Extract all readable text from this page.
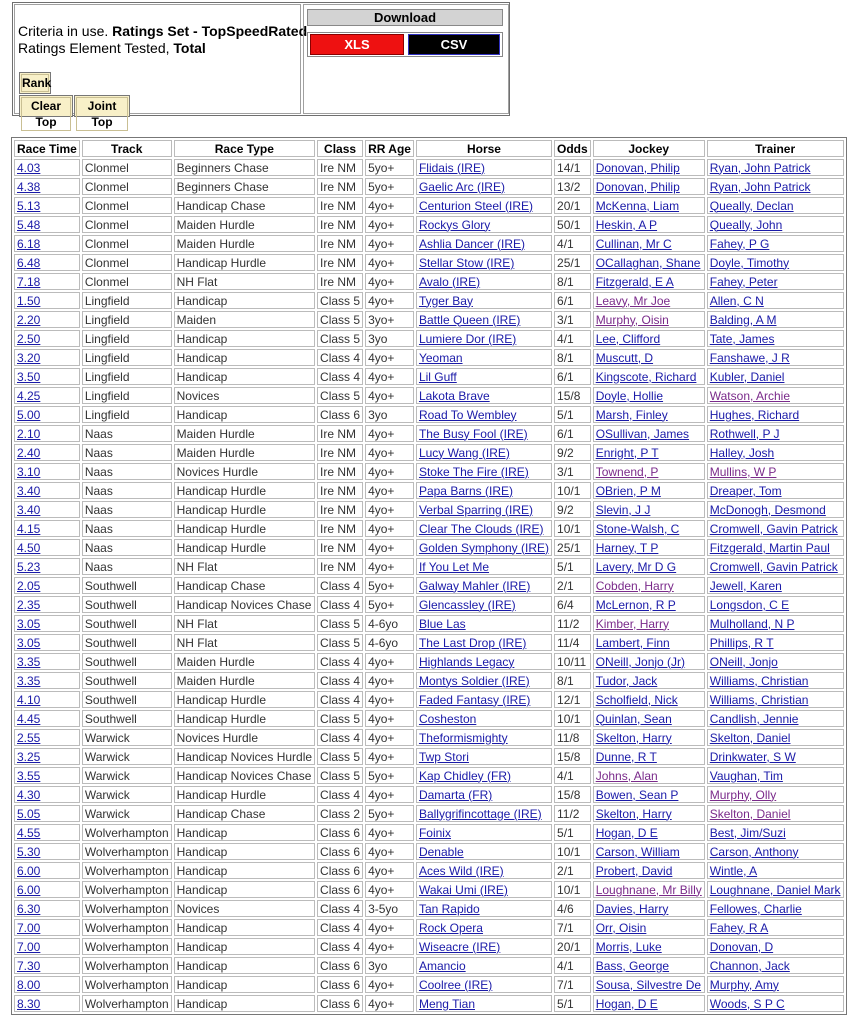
Criteria in use. Ratings Set - TopSpeedRated
Ratings Element Tested, Total
Rank
Clear Top
Joint Top
Download
XLS	CSV
Race Time	Track	Race Type	Class	RR Age	Horse	Odds	Jockey	Trainer
4.03	Clonmel	Beginners Chase	Ire NM	5yo+	Flidais (IRE)	14/1	Donovan, Philip	Ryan, John Patrick
4.38	Clonmel	Beginners Chase	Ire NM	5yo+	Gaelic Arc (IRE)	13/2	Donovan, Philip	Ryan, John Patrick
5.13	Clonmel	Handicap Chase	Ire NM	4yo+	Centurion Steel (IRE)	20/1	McKenna, Liam	Queally, Declan
5.48	Clonmel	Maiden Hurdle	Ire NM	4yo+	Rockys Glory	50/1	Heskin, A P	Queally, John
6.18	Clonmel	Maiden Hurdle	Ire NM	4yo+	Ashlia Dancer (IRE)	4/1	Cullinan, Mr C	Fahey, P G
6.48	Clonmel	Handicap Hurdle	Ire NM	4yo+	Stellar Stow (IRE)	25/1	OCallaghan, Shane	Doyle, Timothy
7.18	Clonmel	NH Flat	Ire NM	4yo+	Avalo (IRE)	8/1	Fitzgerald, E A	Fahey, Peter
1.50	Lingfield	Handicap	Class 5	4yo+	Tyger Bay	6/1	Leavy, Mr Joe	Allen, C N
2.20	Lingfield	Maiden	Class 5	3yo+	Battle Queen (IRE)	3/1	Murphy, Oisin	Balding, A M
2.50	Lingfield	Handicap	Class 5	3yo	Lumiere Dor (IRE)	4/1	Lee, Clifford	Tate, James
3.20	Lingfield	Handicap	Class 4	4yo+	Yeoman	8/1	Muscutt, D	Fanshawe, J R
3.50	Lingfield	Handicap	Class 4	4yo+	Lil Guff	6/1	Kingscote, Richard	Kubler, Daniel
4.25	Lingfield	Novices	Class 5	4yo+	Lakota Brave	15/8	Doyle, Hollie	Watson, Archie
5.00	Lingfield	Handicap	Class 6	3yo	Road To Wembley	5/1	Marsh, Finley	Hughes, Richard
2.10	Naas	Maiden Hurdle	Ire NM	4yo+	The Busy Fool (IRE)	6/1	OSullivan, James	Rothwell, P J
2.40	Naas	Maiden Hurdle	Ire NM	4yo+	Lucy Wang (IRE)	9/2	Enright, P T	Halley, Josh
3.10	Naas	Novices Hurdle	Ire NM	4yo+	Stoke The Fire (IRE)	3/1	Townend, P	Mullins, W P
3.40	Naas	Handicap Hurdle	Ire NM	4yo+	Papa Barns (IRE)	10/1	OBrien, P M	Dreaper, Tom
3.40	Naas	Handicap Hurdle	Ire NM	4yo+	Verbal Sparring (IRE)	9/2	Slevin, J J	McDonogh, Desmond
4.15	Naas	Handicap Hurdle	Ire NM	4yo+	Clear The Clouds (IRE)	10/1	Stone-Walsh, C	Cromwell, Gavin Patrick
4.50	Naas	Handicap Hurdle	Ire NM	4yo+	Golden Symphony (IRE)	25/1	Harney, T P	Fitzgerald, Martin Paul
5.23	Naas	NH Flat	Ire NM	4yo+	If You Let Me	5/1	Lavery, Mr D G	Cromwell, Gavin Patrick
2.05	Southwell	Handicap Chase	Class 4	5yo+	Galway Mahler (IRE)	2/1	Cobden, Harry	Jewell, Karen
2.35	Southwell	Handicap Novices Chase	Class 4	5yo+	Glencassley (IRE)	6/4	McLernon, R P	Longsdon, C E
3.05	Southwell	NH Flat	Class 5	4-6yo	Blue Las	11/2	Kimber, Harry	Mulholland, N P
3.05	Southwell	NH Flat	Class 5	4-6yo	The Last Drop (IRE)	11/4	Lambert, Finn	Phillips, R T
3.35	Southwell	Maiden Hurdle	Class 4	4yo+	Highlands Legacy	10/11	ONeill, Jonjo (Jr)	ONeill, Jonjo
3.35	Southwell	Maiden Hurdle	Class 4	4yo+	Montys Soldier (IRE)	8/1	Tudor, Jack	Williams, Christian
4.10	Southwell	Handicap Hurdle	Class 4	4yo+	Faded Fantasy (IRE)	12/1	Scholfield, Nick	Williams, Christian
4.45	Southwell	Handicap Hurdle	Class 5	4yo+	Cosheston	10/1	Quinlan, Sean	Candlish, Jennie
2.55	Warwick	Novices Hurdle	Class 4	4yo+	Theformismighty	11/8	Skelton, Harry	Skelton, Daniel
3.25	Warwick	Handicap Novices Hurdle	Class 5	4yo+	Twp Stori	15/8	Dunne, R T	Drinkwater, S W
3.55	Warwick	Handicap Novices Chase	Class 5	5yo+	Kap Chidley (FR)	4/1	Johns, Alan	Vaughan, Tim
4.30	Warwick	Handicap Hurdle	Class 4	4yo+	Damarta (FR)	15/8	Bowen, Sean P	Murphy, Olly
5.05	Warwick	Handicap Chase	Class 2	5yo+	Ballygrifincottage (IRE)	11/2	Skelton, Harry	Skelton, Daniel
4.55	Wolverhampton	Handicap	Class 6	4yo+	Foinix	5/1	Hogan, D E	Best, Jim/Suzi
5.30	Wolverhampton	Handicap	Class 6	4yo+	Denable	10/1	Carson, William	Carson, Anthony
6.00	Wolverhampton	Handicap	Class 6	4yo+	Aces Wild (IRE)	2/1	Probert, David	Wintle, A
6.00	Wolverhampton	Handicap	Class 6	4yo+	Wakai Umi (IRE)	10/1	Loughnane, Mr Billy	Loughnane, Daniel Mark
6.30	Wolverhampton	Novices	Class 4	3-5yo	Tan Rapido	4/6	Davies, Harry	Fellowes, Charlie
7.00	Wolverhampton	Handicap	Class 4	4yo+	Rock Opera	7/1	Orr, Oisin	Fahey, R A
7.00	Wolverhampton	Handicap	Class 4	4yo+	Wiseacre (IRE)	20/1	Morris, Luke	Donovan, D
7.30	Wolverhampton	Handicap	Class 6	3yo	Amancio	4/1	Bass, George	Channon, Jack
8.00	Wolverhampton	Handicap	Class 6	4yo+	Coolree (IRE)	7/1	Sousa, Silvestre De	Murphy, Amy
8.30	Wolverhampton	Handicap	Class 6	4yo+	Meng Tian	5/1	Hogan, D E	Woods, S P C
